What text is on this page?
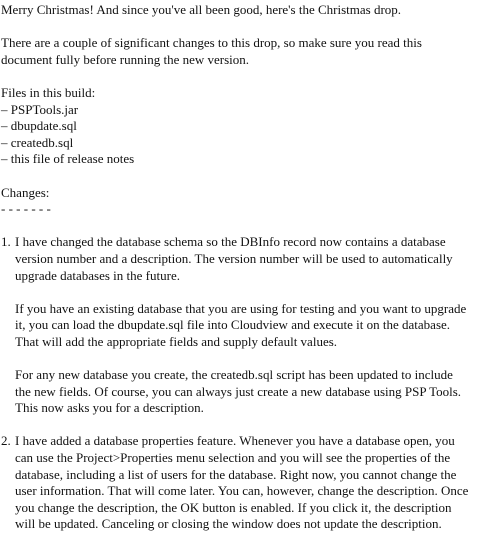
Merry Christmas! And since you've all been good, here's the Christmas drop.
There are a couple of significant changes to this drop, so make sure you read this
document fully before running the new version.
Files in this build:
– PSPTools.jar
– dbupdate.sql
– createdb.sql
– this file of release notes
Changes:
- - - - - - -
1. I have changed the database schema so the DBInfo record now contains a database
version number and a description. The version number will be used to automatically
upgrade databases in the future.
If you have an existing database that you are using for testing and you want to upgrade
it, you can load the dbupdate.sql file into Cloudview and execute it on the database.
That will add the appropriate fields and supply default values.
For any new database you create, the createdb.sql script has been updated to include
the new fields. Of course, you can always just create a new database using PSP Tools.
This now asks you for a description.
2. I have added a database properties feature. Whenever you have a database open, you
can use the Project>Properties menu selection and you will see the properties of the
database, including a list of users for the database. Right now, you cannot change the
user information. That will come later. You can, however, change the description. Once
you change the description, the OK button is enabled. If you click it, the description
will be updated. Canceling or closing the window does not update the description.
